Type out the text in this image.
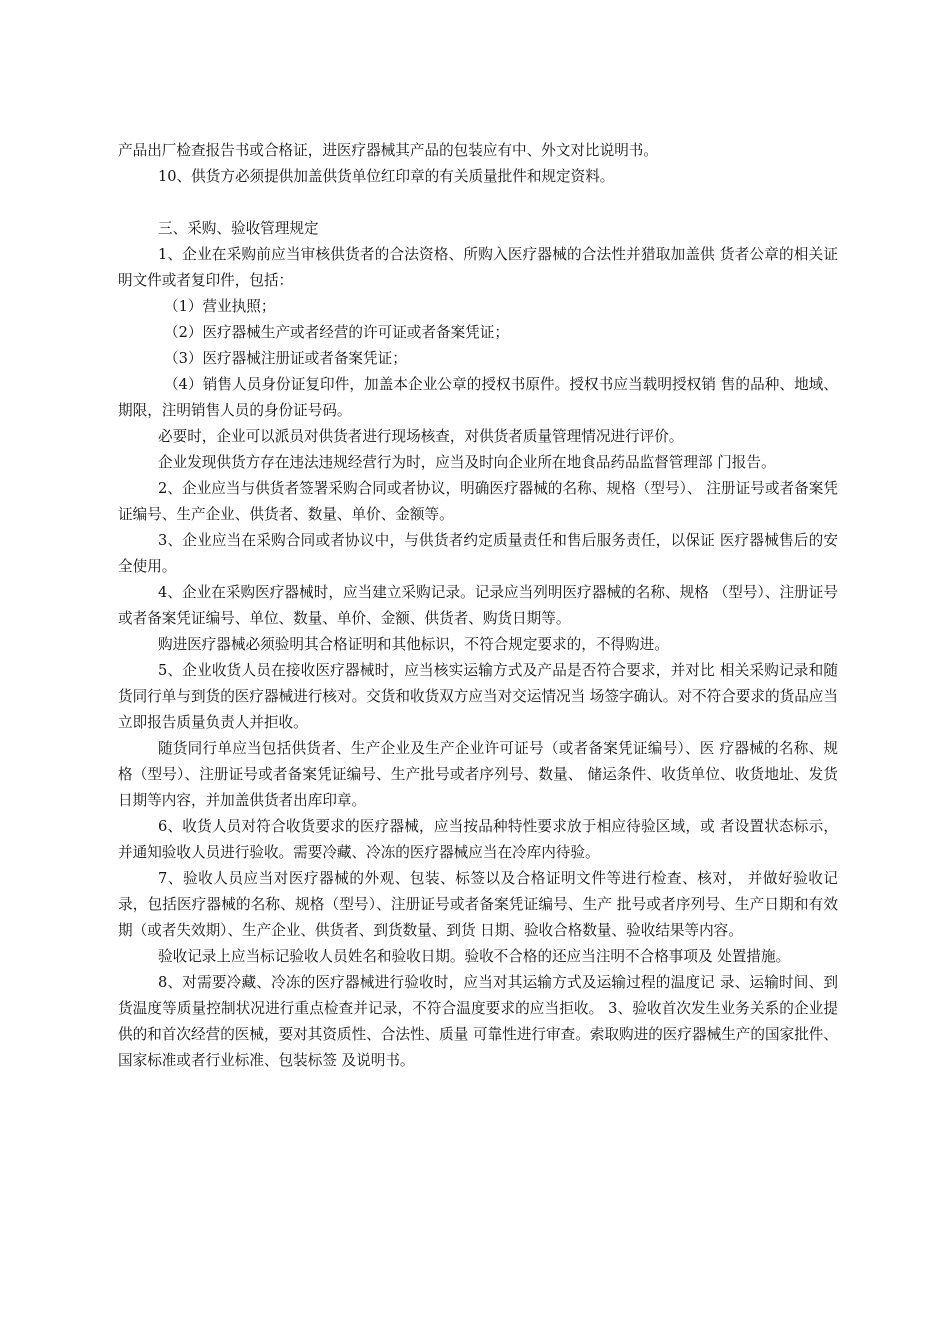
产品出厂检查报告书或合格证，进医疗器械其产品的包装应有中、外文对比说明书。

10、供货方必须提供加盖供货单位红印章的有关质量批件和规定资料。

三、采购、验收管理规定

1、企业在采购前应当审核供货者的合法资格、所购入医疗器械的合法性并猎取加盖供 货者公章的相关证明文件或者复印件，包括：

（1）营业执照；

（2）医疗器械生产或者经营的许可证或者备案凭证；

（3）医疗器械注册证或者备案凭证；

（4）销售人员身份证复印件，加盖本企业公章的授权书原件。授权书应当载明授权销 售的品种、地域、期限，注明销售人员的身份证号码。

必要时，企业可以派员对供货者进行现场核查，对供货者质量管理情况进行评价。

企业发现供货方存在违法违规经营行为时，应当及时向企业所在地食品药品监督管理部 门报告。

2、企业应当与供货者签署采购合同或者协议，明确医疗器械的名称、规格（型号）、 注册证号或者备案凭证编号、生产企业、供货者、数量、单价、金额等。

3、企业应当在采购合同或者协议中，与供货者约定质量责任和售后服务责任，以保证 医疗器械售后的安全使用。

4、企业在采购医疗器械时，应当建立采购记录。记录应当列明医疗器械的名称、规格 （型号）、注册证号或者备案凭证编号、单位、数量、单价、金额、供货者、购货日期等。

购进医疗器械必须验明其合格证明和其他标识，不符合规定要求的，不得购进。

5、企业收货人员在接收医疗器械时，应当核实运输方式及产品是否符合要求，并对比 相关采购记录和随货同行单与到货的医疗器械进行核对。交货和收货双方应当对交运情况当 场签字确认。对不符合要求的货品应当立即报告质量负责人并拒收。

随货同行单应当包括供货者、生产企业及生产企业许可证号（或者备案凭证编号）、医 疗器械的名称、规格（型号）、注册证号或者备案凭证编号、生产批号或者序列号、数量、 储运条件、收货单位、收货地址、发货日期等内容，并加盖供货者出库印章。

6、收货人员对符合收货要求的医疗器械，应当按品种特性要求放于相应待验区域，或 者设置状态标示，并通知验收人员进行验收。需要冷藏、冷冻的医疗器械应当在冷库内待验。

7、验收人员应当对医疗器械的外观、包装、标签以及合格证明文件等进行检查、核对， 并做好验收记录，包括医疗器械的名称、规格（型号）、注册证号或者备案凭证编号、生产 批号或者序列号、生产日期和有效期（或者失效期）、生产企业、供货者、到货数量、到货 日期、验收合格数量、验收结果等内容。

验收记录上应当标记验收人员姓名和验收日期。验收不合格的还应当注明不合格事项及 处置措施。

8、对需要冷藏、冷冻的医疗器械进行验收时，应当对其运输方式及运输过程的温度记 录、运输时间、到货温度等质量控制状况进行重点检查并记录，不符合温度要求的应当拒收。 3、验收首次发生业务关系的企业提供的和首次经营的医械，要对其资质性、合法性、质量 可靠性进行审查。索取购进的医疗器械生产的国家批件、国家标准或者行业标准、包装标签 及说明书。
